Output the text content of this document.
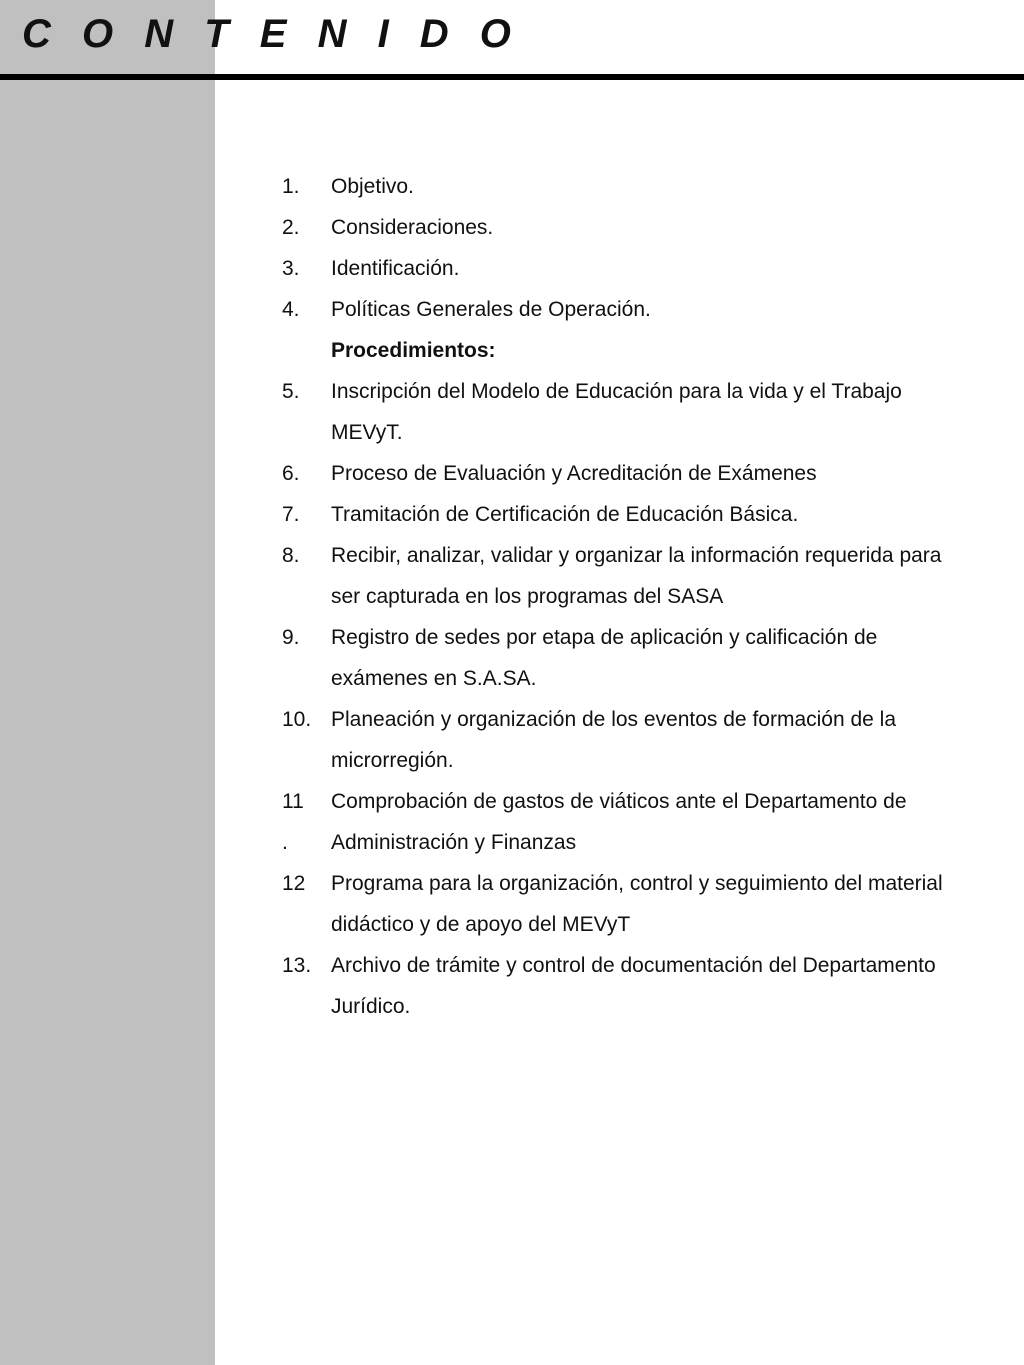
C O N T E N I D O
1.	Objetivo.
2.	Consideraciones.
3.	Identificación.
4.	Políticas Generales de Operación.
Procedimientos:
5.	Inscripción del Modelo de Educación para la vida y el Trabajo
MEVyT.
6.	Proceso de Evaluación y Acreditación de Exámenes
7.	Tramitación de Certificación de Educación Básica.
8.	Recibir, analizar, validar y organizar la información requerida para
ser capturada en los programas del SASA
9.	Registro de sedes por etapa de aplicación y calificación de
exámenes en S.A.SA.
10. Planeación y organización de los eventos de formación de la
microrregión.
11	Comprobación de gastos de viáticos ante el Departamento de
.	Administración y Finanzas
12	Programa para la organización, control y seguimiento del material
didáctico y de apoyo del MEVyT
13. Archivo de trámite y control de documentación del Departamento
Jurídico.
